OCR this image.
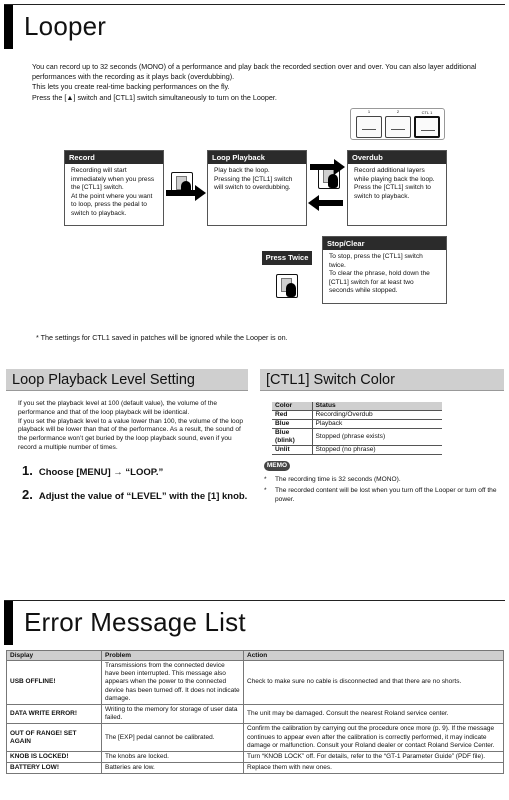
Looper

You can record up to 32 seconds (MONO) of a performance and play back the recorded section over and over. You can also layer additional performances with the recording as it plays back (overdubbing).

This lets you create real-time backing performances on the fly.

Press the [▲] switch and [CTL1] switch simultaneously to turn on the Looper.

1	2	CTL 1
Record

Recording will start immediately when you press the [CTL1] switch.

At the point where you want to loop, press the pedal to switch to playback.

Loop Playback

Play back the loop.

Pressing the [CTL1] switch will switch to overdubbing.

Overdub

Record additional layers while playing back the loop.

Press the [CTL1] switch to switch to playback.

Press Twice
Stop/Clear

To stop, press the [CTL1] switch twice.

To clear the phrase, hold down the [CTL1] switch for at least two seconds while stopped.

* The settings for CTL1 saved in patches will be ignored while the Looper is on.
Loop Playback Level Setting

If you set the playback level at 100 (default value), the volume of the performance and that of the loop playback will be identical.

If you set the playback level to a value lower than 100, the volume of the loop playback will be lower than that of the performance. As a result, the sound of the performance won’t get buried by the loop playback sound, even if you record a multiple number of times.

1. Choose [MENU] → “LOOP.”
2. Adjust the value of “LEVEL” with the [1] knob.
[CTL1] Switch Color
Color	Status
Red	Recording/Overdub
Blue	Playback
Blue (blink)	Stopped (phrase exists)
Unlit	Stopped (no phrase)
MEMO
* The recording time is 32 seconds (MONO).
* The recorded content will be lost when you turn off the Looper or turn off the power.
Error Message List
Display	Problem	Action
USB OFFLINE!	Transmissions from the connected device have been interrupted. This message also appears when the power to the connected device has been turned off. It does not indicate damage.	Check to make sure no cable is disconnected and that there are no shorts.
DATA WRITE ERROR!	Writing to the memory for storage of user data failed.	The unit may be damaged. Consult the nearest Roland service center.
OUT OF RANGE! SET AGAIN	The [EXP] pedal cannot be calibrated.	Confirm the calibration by carrying out the procedure once more (p. 9). If the message continues to appear even after the calibration is correctly performed, it may indicate damage or malfunction. Consult your Roland dealer or contact Roland Service Center.
KNOB IS LOCKED!	The knobs are locked.	Turn “KNOB LOCK” off. For details, refer to the “GT-1 Parameter Guide” (PDF file).
BATTERY LOW!	Batteries are low.	Replace them with new ones.
